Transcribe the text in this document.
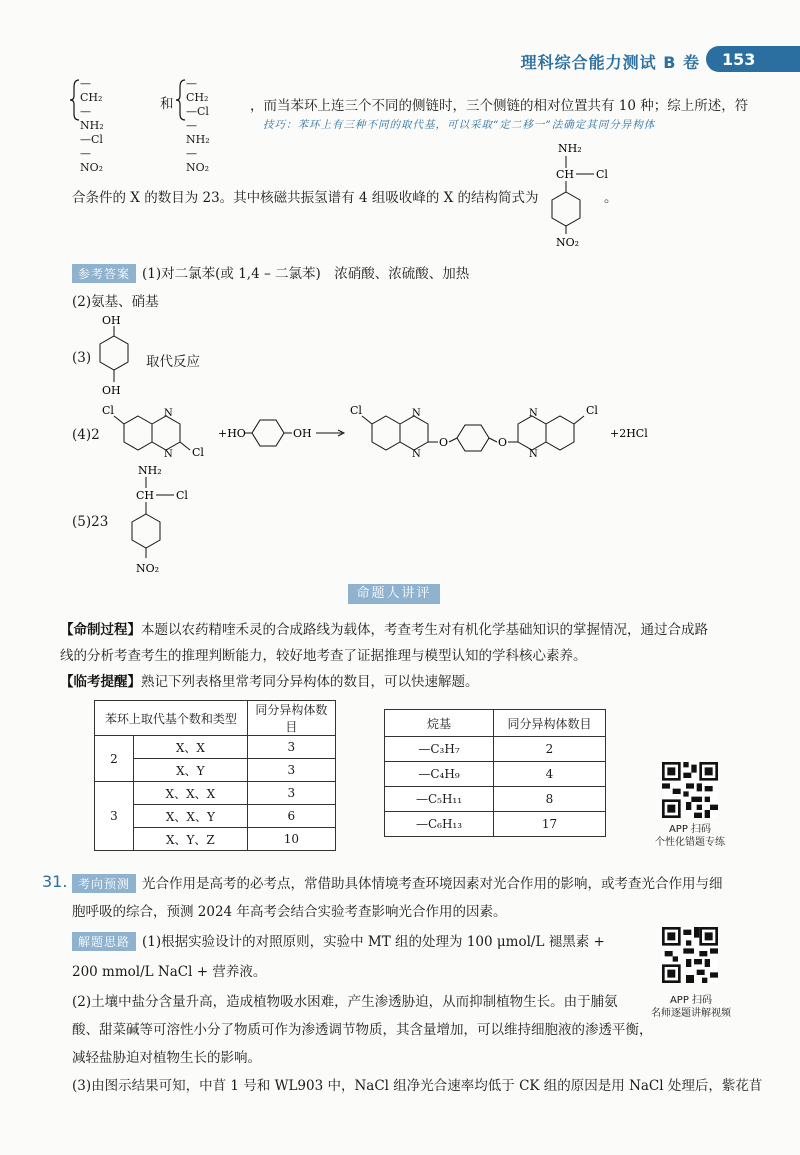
理科综合能力测试 B 卷 153
—CH₂—NH₂
—Cl
—NO₂
和
—CH₂—Cl
—NH₂
—NO₂
，而当苯环上连三个不同的侧链时，三个侧链的相对位置共有 10 种；综上所述，符
技巧：苯环上有三种不同的取代基，可以采取“定二移一”法确定其同分异构体
合条件的 X 的数目为 23。其中核磁共振氢谱有 4 组吸收峰的 X 的结构简式为
NH₂
CH Cl
NO₂
。
参考答案 (1)对二氯苯(或 1,4 – 二氯苯)　浓硝酸、浓硫酸、加热
(2)氨基、硝基
(3)
OH
OH
取代反应
(4)2
Cl	N
N Cl
+HO	OH
Cl	N
N
O	O
N
N
Cl
+2HCl
(5)23
NH₂
CH Cl
NO₂
命题人讲评
【命制过程】本题以农药精喹禾灵的合成路线为载体，考查考生对有机化学基础知识的掌握情况，通过合成路
线的分析考查考生的推理判断能力，较好地考查了证据推理与模型认知的学科核心素养。
【临考提醒】熟记下列表格里常考同分异构体的数目，可以快速解题。
苯环上取代基个数和类型		同分异构体数目
2	X、X	3
	X、Y	3
3	X、X、X	3
	X、X、Y	6
	X、Y、Z	10
烷基	同分异构体数目
—C₃H₇	2
—C₄H₉	4
—C₅H₁₁	8
—C₆H₁₃	17	APP 扫码
个性化错题专练
31. 考向预测 光合作用是高考的必考点，常借助具体情境考查环境因素对光合作用的影响，或考查光合作用与细
胞呼吸的综合，预测 2024 年高考会结合实验考查影响光合作用的因素。
解题思路 (1)根据实验设计的对照原则，实验中 MT 组的处理为 100 μmol/L 褪黑素 +
200 mmol/L NaCl + 营养液。
(2)土壤中盐分含量升高，造成植物吸水困难，产生渗透胁迫，从而抑制植物生长。由于脯氨
酸、甜菜碱等可溶性小分了物质可作为渗透调节物质，其含量增加，可以维持细胞液的渗透平衡，
减轻盐胁迫对植物生长的影响。
(3)由图示结果可知，中苜 1 号和 WL903 中，NaCl 组净光合速率均低于 CK 组的原因是用 NaCl 处理后，紫花苜
APP 扫码
名师逐题讲解视频
